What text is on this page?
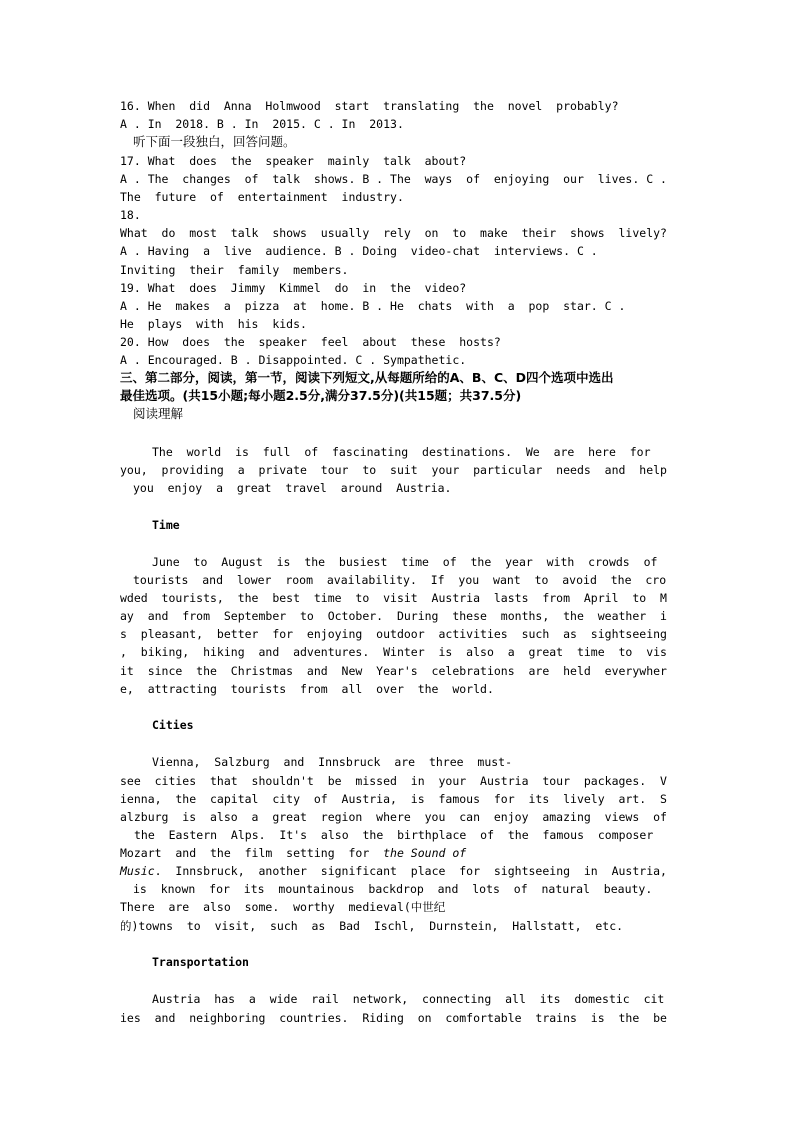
16. When  did  Anna  Holmwood  start  translating  the  novel  probably?
A . In  2018. B . In  2015. C . In  2013.
听下面一段独白，回答问题。
17. What  does  the  speaker  mainly  talk  about?
A . The  changes  of  talk  shows. B . The  ways  of  enjoying  our  lives. C .
The  future  of  entertainment  industry.
18.
What  do  most  talk  shows  usually  rely  on  to  make  their  shows  lively?
A . Having  a  live  audience. B . Doing  video-chat  interviews. C .
Inviting  their  family  members.
19. What  does  Jimmy  Kimmel  do  in  the  video?
A . He  makes  a  pizza  at  home. B . He  chats  with  a  pop  star. C .
He  plays  with  his  kids.
20. How  does  the  speaker  feel  about  these  hosts?
A . Encouraged. B . Disappointed. C . Sympathetic.
三、第二部分，阅读，第一节，阅读下列短文,从每题所给的A、B、C、D四个选项中选出
最佳选项。(共15小题;每小题2.5分,满分37.5分)(共15题；共37.5分)
阅读理解
The  world  is  full  of  fascinating  destinations.  We  are  here  for
you,  providing  a  private  tour  to  suit  your  particular  needs  and  help
you  enjoy  a  great  travel  around  Austria.
Time
June  to  August  is  the  busiest  time  of  the  year  with  crowds  of
tourists  and  lower  room  availability.  If  you  want  to  avoid  the  cro
wded  tourists,  the  best  time  to  visit  Austria  lasts  from  April  to  M
ay  and  from  September  to  October.  During  these  months,  the  weather  i
s  pleasant,  better  for  enjoying  outdoor  activities  such  as  sightseeing
,  biking,  hiking  and  adventures.  Winter  is  also  a  great  time  to  vis
it  since  the  Christmas  and  New  Year's  celebrations  are  held  everywher
e,  attracting  tourists  from  all  over  the  world.
Cities
Vienna,  Salzburg  and  Innsbruck  are  three  must-
see  cities  that  shouldn't  be  missed  in  your  Austria  tour  packages.  V
ienna,  the  capital  city  of  Austria,  is  famous  for  its  lively  art.  S
alzburg  is  also  a  great  region  where  you  can  enjoy  amazing  views  of
the  Eastern  Alps.  It's  also  the  birthplace  of  the  famous  composer
Mozart  and  the  film  setting  for  the Sound of
Music.  Innsbruck,  another  significant  place  for  sightseeing  in  Austria,
is  known  for  its  mountainous  backdrop  and  lots  of  natural  beauty.
There  are  also  some.  worthy  medieval(中世纪
的)towns  to  visit,  such  as  Bad  Ischl,  Durnstein,  Hallstatt,  etc.
Transportation
Austria  has  a  wide  rail  network,  connecting  all  its  domestic  cit
ies  and  neighboring  countries.  Riding  on  comfortable  trains  is  the  be
